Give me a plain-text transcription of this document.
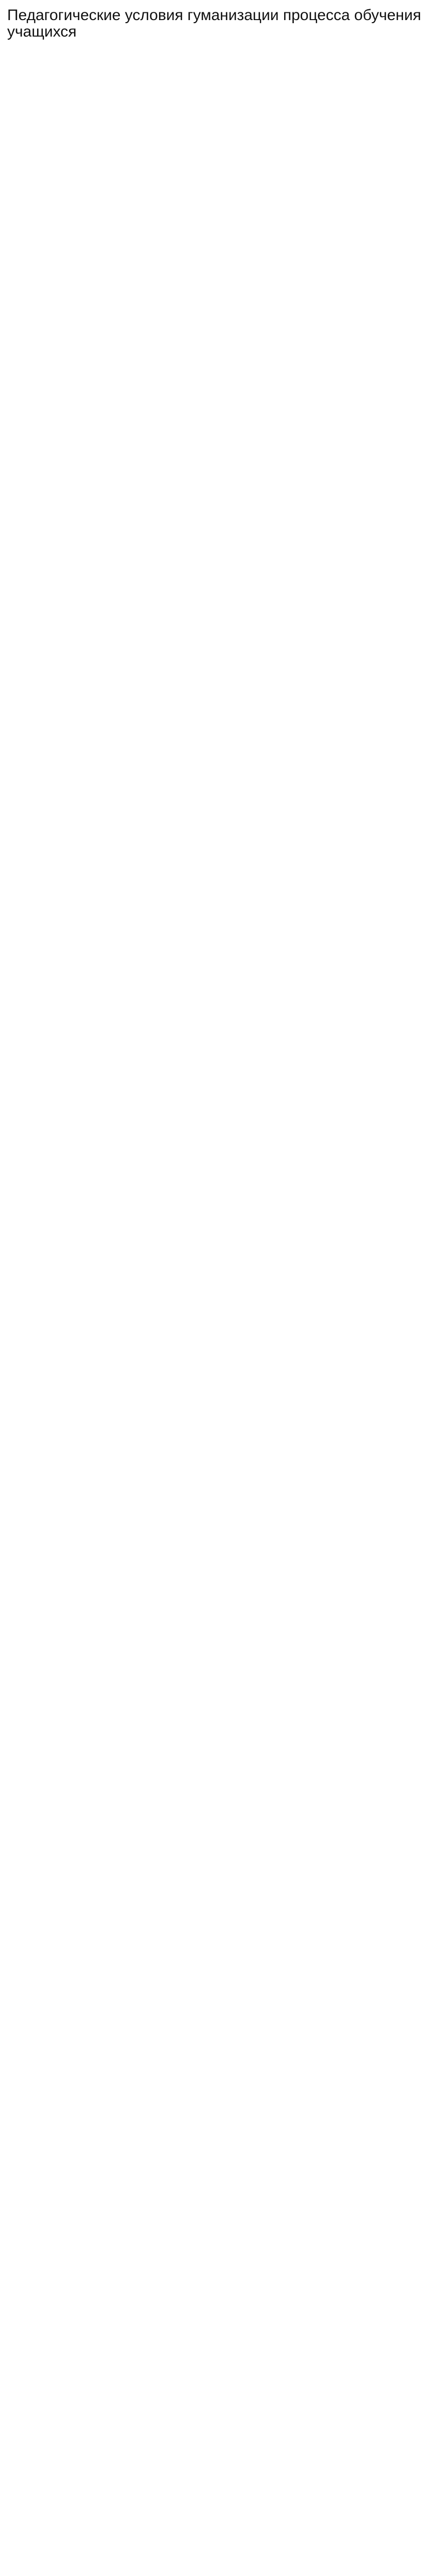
Педагогические условия гуманизации процесса обучения учащихся
